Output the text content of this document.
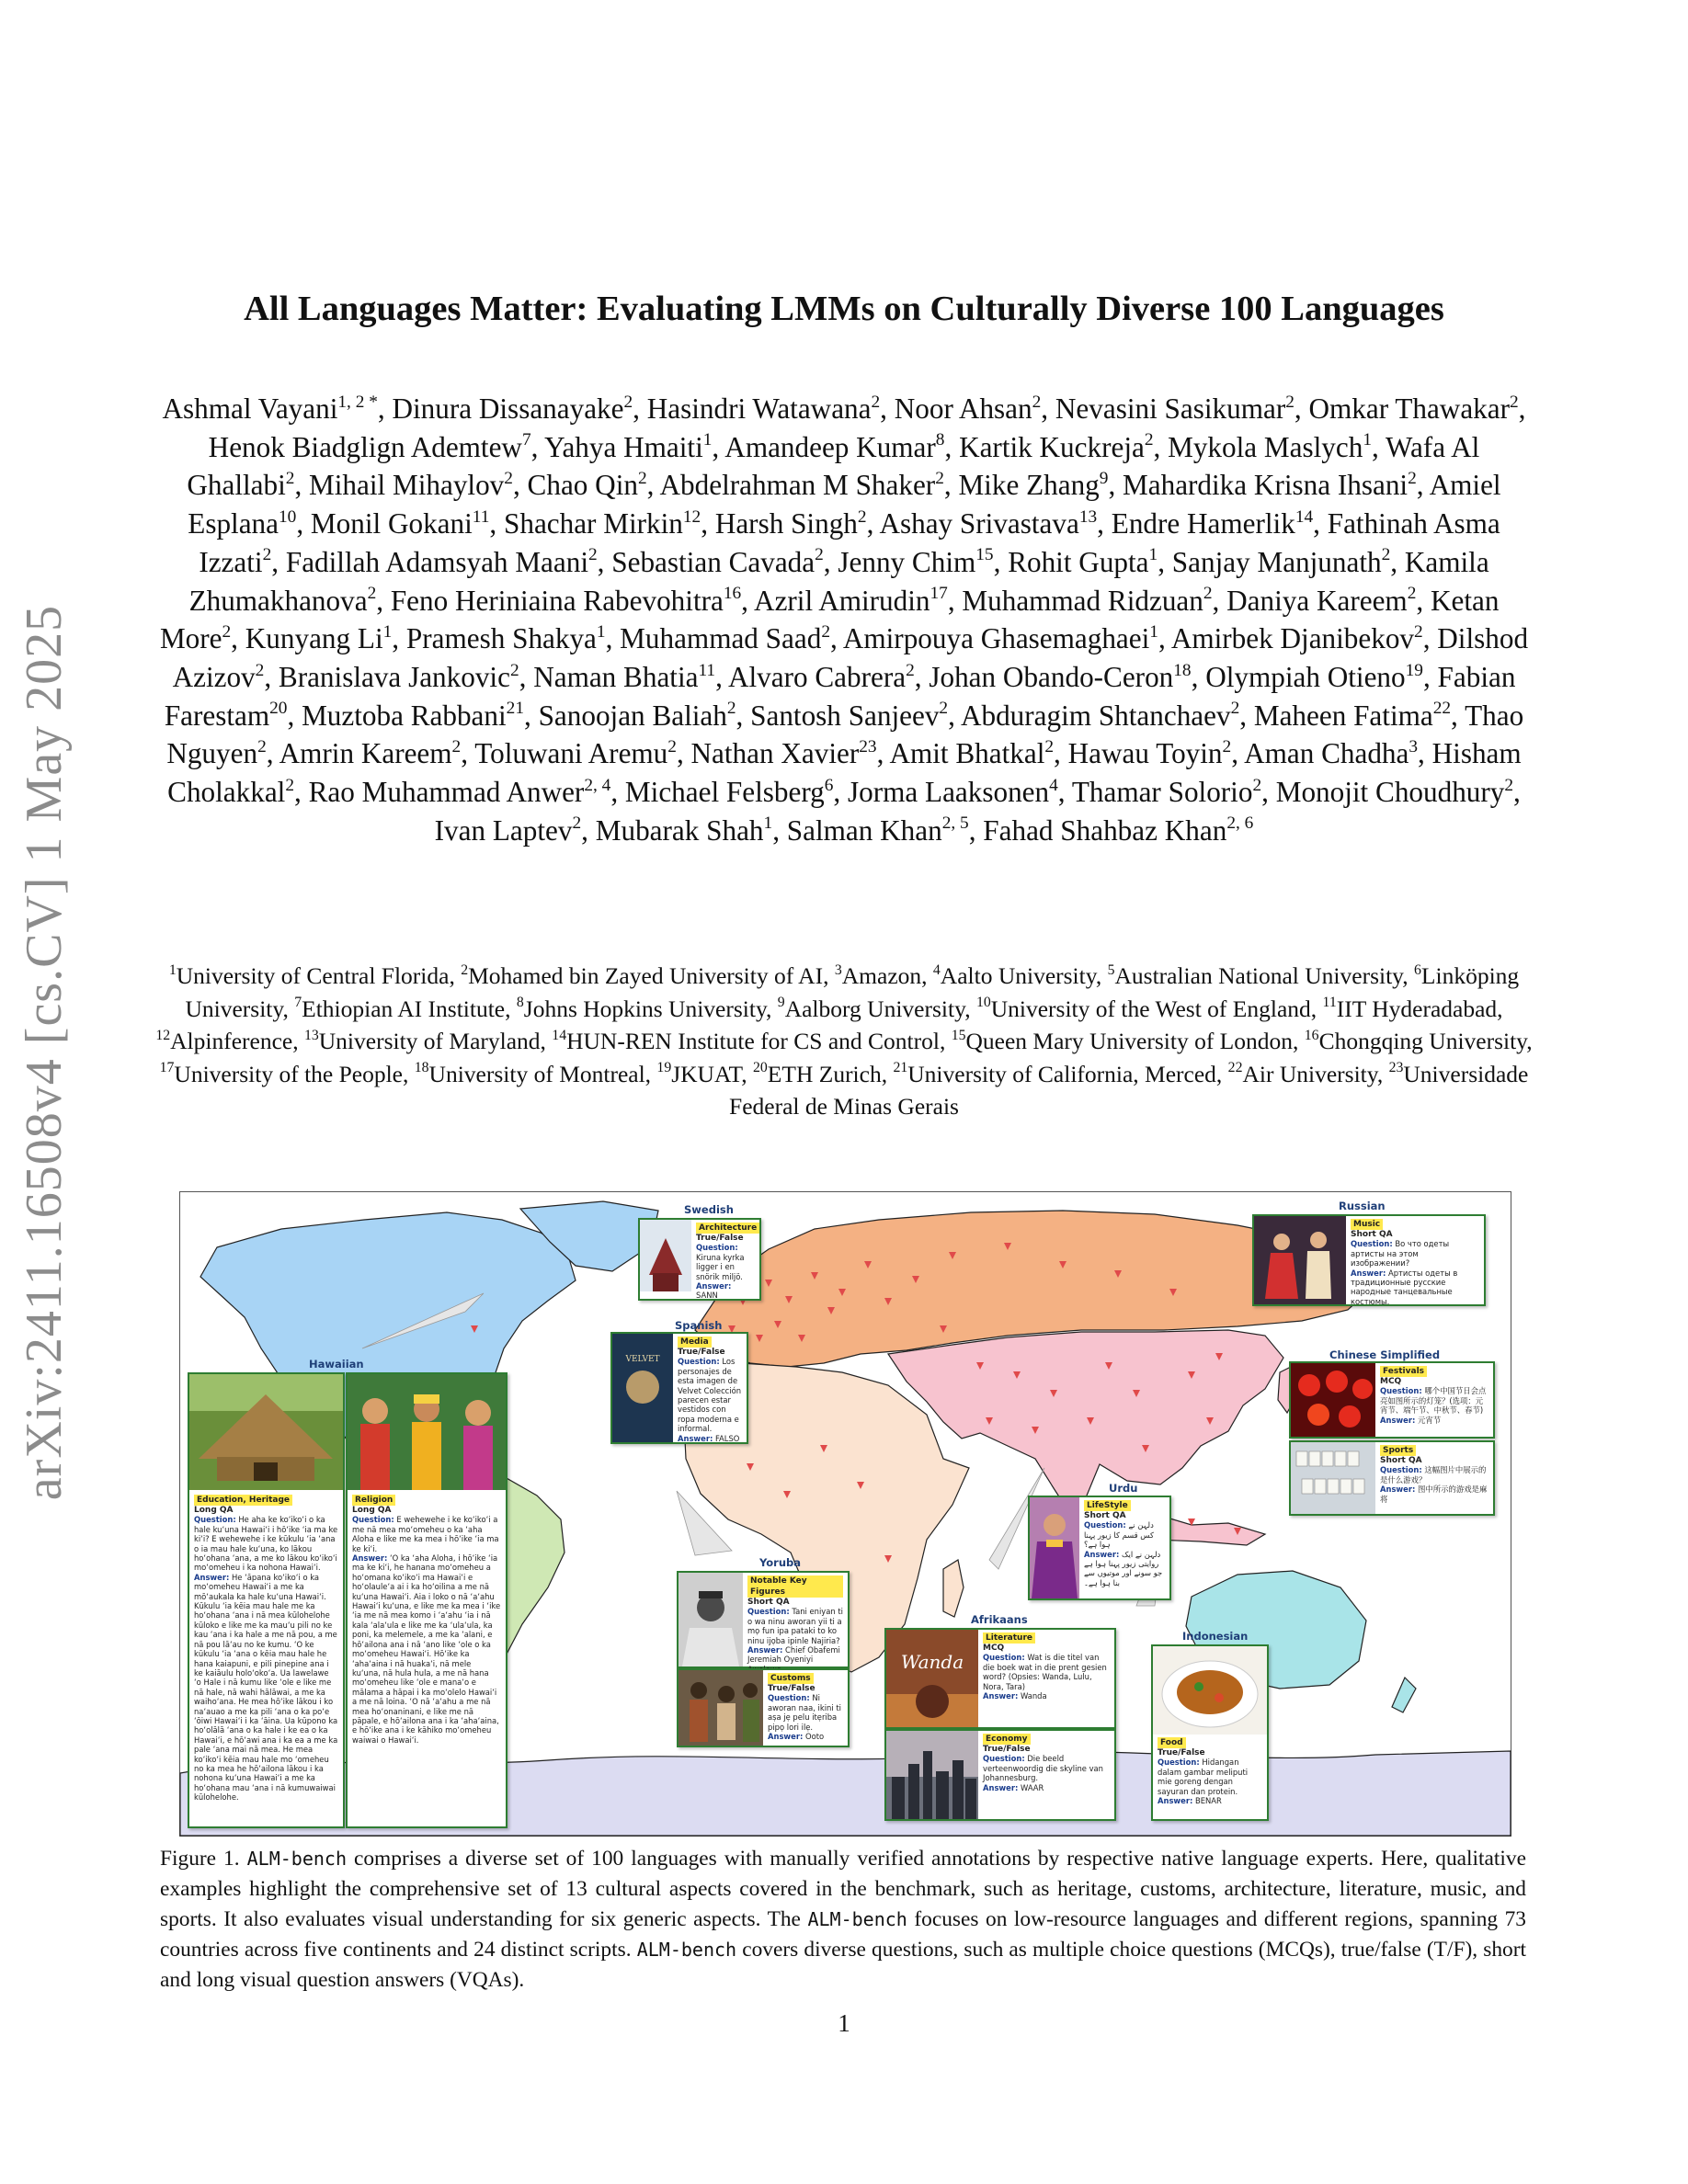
arXiv:2411.16508v4 [cs.CV] 1 May 2025
All Languages Matter: Evaluating LMMs on Culturally Diverse 100 Languages
Ashmal Vayani$^{1, 2 *}$, Dinura Dissanayake$^2$, Hasindri Watawana$^2$, Noor Ahsan$^2$, Nevasini Sasikumar$^2$, Omkar Thawakar$^2$, Henok Biadglign Ademtew$^7$, Yahya Hmaiti$^1$, Amandeep Kumar$^8$, Kartik Kuckreja$^2$, Mykola Maslych$^1$, Wafa Al Ghallabi$^2$, Mihail Mihaylov$^2$, Chao Qin$^2$, Abdelrahman M Shaker$^2$, Mike Zhang$^9$, Mahardika Krisna Ihsani$^2$, Amiel Esplana$^{10}$, Monil Gokani$^{11}$, Shachar Mirkin$^{12}$, Harsh Singh$^2$, Ashay Srivastava$^{13}$, Endre Hamerlik$^{14}$, Fathinah Asma Izzati$^2$, Fadillah Adamsyah Maani$^2$, Sebastian Cavada$^2$, Jenny Chim$^{15}$, Rohit Gupta$^1$, Sanjay Manjunath$^2$, Kamila Zhumakhanova$^2$, Feno Heriniaina Rabevohitra$^{16}$, Azril Amirudin$^{17}$, Muhammad Ridzuan$^2$, Daniya Kareem$^2$, Ketan More$^2$, Kunyang Li$^1$, Pramesh Shakya$^1$, Muhammad Saad$^2$, Amirpouya Ghasemaghaei$^1$, Amirbek Djanibekov$^2$, Dilshod Azizov$^2$, Branislava Jankovic$^2$, Naman Bhatia$^{11}$, Alvaro Cabrera$^2$, Johan Obando-Ceron$^{18}$, Olympiah Otieno$^{19}$, Fabian Farestam$^{20}$, Muztoba Rabbani$^{21}$, Sanoojan Baliah$^2$, Santosh Sanjeev$^2$, Abduragim Shtanchaev$^2$, Maheen Fatima$^{22}$, Thao Nguyen$^2$, Amrin Kareem$^2$, Toluwani Aremu$^2$, Nathan Xavier$^{23}$, Amit Bhatkal$^2$, Hawau Toyin$^2$, Aman Chadha$^3$, Hisham Cholakkal$^2$, Rao Muhammad Anwer$^{2, 4}$, Michael Felsberg$^6$, Jorma Laaksonen$^4$, Thamar Solorio$^2$, Monojit Choudhury$^2$, Ivan Laptev$^2$, Mubarak Shah$^1$, Salman Khan$^{2, 5}$, Fahad Shahbaz Khan$^{2, 6}$
$^1$University of Central Florida, $^2$Mohamed bin Zayed University of AI, $^3$Amazon, $^4$Aalto University, $^5$Australian National University, $^6$Linköping University, $^7$Ethiopian AI Institute, $^8$Johns Hopkins University, $^9$Aalborg University, $^{10}$University of the West of England, $^{11}$IIT Hyderadabad, $^{12}$Alpinference, $^{13}$University of Maryland, $^{14}$HUN-REN Institute for CS and Control, $^{15}$Queen Mary University of London, $^{16}$Chongqing University, $^{17}$University of the People, $^{18}$University of Montreal, $^{19}$JKUAT, $^{20}$ETH Zurich, $^{21}$University of California, Merced, $^{22}$Air University, $^{23}$Universidade Federal de Minas Gerais
Hawaiian
Swedish
Spanish
Russian
Chinese Simplified
Urdu
Yoruba
Afrikaans
Indonesian
Education, Heritage
Long QA
Question: He aha ke koʻikoʻi o ka hale kuʻuna Hawaiʻi i hōʻike ʻia ma ke kiʻi? E wehewehe i ke kūkulu ʻia ʻana o ia mau hale kuʻuna, ko lākou hoʻohana ʻana, a me ko lākou koʻikoʻi moʻomeheu i ka nohona Hawaiʻi.
Answer: He ʻāpana koʻikoʻi o ka moʻomeheu Hawaiʻi a me ka mōʻaukala ka hale kuʻuna Hawaiʻi. Kūkulu ʻia kēia mau hale me ka hoʻohana ʻana i nā mea kūlohelohe kūloko e like me ka mauʻu pili no ke kau ʻana i ka hale a me nā pou, a me nā pou lāʻau no ke kumu. ʻO ke kūkulu ʻia ʻana o kēia mau hale he hana kaiapuni, e pili pinepine ana i ke kaiāulu holoʻokoʻa. Ua lawelawe ʻo Hale i nā kumu like ʻole e like me nā hale, nā wahi hālāwai, a me ka waihoʻana. He mea hōʻike lākou i ko naʻauao a me ka pili ʻana o ka poʻe ʻōiwi Hawaiʻi i ka ʻāina. Ua kūpono ka hoʻolālā ʻana o ka hale i ke ea o ka Hawaiʻi, e hōʻawi ana i ka ea a me ka pale ʻana mai nā mea. He mea koʻikoʻi kēia mau hale mo ʻomeheu no ka mea he hōʻailona lākou i ka nohona kuʻuna Hawaiʻi a me ka hoʻohana mau ʻana i nā kumuwaiwai kūlohelohe.
Religion
Long QA
Question: E wehewehe i ke koʻikoʻi a me nā mea moʻomeheu o ka ʻaha Aloha e like me ka mea i hōʻike ʻia ma ke kiʻi.
Answer: ʻO ka ʻaha Aloha, i hōʻike ʻia ma ke kiʻi, he hanana moʻomeheu a hoʻomana koʻikoʻi ma Hawaiʻi e hoʻolauleʻa ai i ka hoʻoilina a me nā kuʻuna Hawaiʻi. Aia i loko o nā ʻaʻahu Hawaiʻi kuʻuna, e like me ka mea i ʻike ʻia me nā mea komo i ʻaʻahu ʻia i nā kala ʻalaʻula e like me ka ʻulaʻula, ka poni, ka melemele, a me ka ʻalani, e hōʻailona ana i nā ʻano like ʻole o ka moʻomeheu Hawaiʻi. Hōʻike ka ʻahaʻaina i nā huakaʻi, nā mele kuʻuna, nā hula hula, a me nā hana moʻomeheu like ʻole e manaʻo e mālama a hāpai i ka moʻolelo Hawaiʻi a me nā loina. ʻO nā ʻaʻahu a me nā mea hoʻonaninani, e like me nā pāpale, e hōʻailona ana i ka ʻahaʻaina, e hōʻike ana i ke kāhiko moʻomeheu waiwai o Hawaiʻi.
Architecture
True/False
Question: Kiruna kyrka ligger i en snörik miljö.
Answer: SANN
VELVET
Media
True/False
Question: Los personajes de esta imagen de Velvet Colección parecen estar vestidos con ropa moderna e informal.
Answer: FALSO
Music
Short QA
Question: Во что одеты артисты на этом изображении?
Answer: Артисты одеты в традиционные русские народные танцевальные костюмы.
Festivals
MCQ
Question: 哪个中国节日会点亮如图所示的灯笼？(选项：元宵节、端午节、中秋节、春节)
Answer: 元宵节
Sports
Short QA
Question: 这幅图片中展示的是什么游戏？
Answer: 图中所示的游戏是麻将
LifeStyle
Short QA
Question: دلہن نے کس قسم کا زیور پہنا ہوا ہے؟
Answer: دلہن نے ایک روایتی زیور پہنا ہوا ہے جو سونے اور موتیوں سے بنا ہوا ہے۔
Notable Key Figures
Short QA
Question: Tani eniyan ti o wa ninu aworan yii ti a mọ fun ipa pataki to ko ninu ijọba ipinle Najiria?
Answer: Chief Obafemi Jeremiah Oyeniyi
Customs
True/False
Question: Ni aworan naa, ikini ti aṣa jẹ pelu itẹriba pipọ lori ilẹ.
Answer: Ooto
Wanda
Literature
MCQ
Question: Wat is die titel van die boek wat in die prent gesien word? (Opsies: Wanda, Lulu, Nora, Tara)
Answer: Wanda
Economy
True/False
Question: Die beeld verteenwoordig die skyline van Johannesburg.
Answer: WAAR
Food
True/False
Question: Hidangan dalam gambar meliputi mie goreng dengan sayuran dan protein.
Answer: BENAR
Figure 1. ALM-bench comprises a diverse set of 100 languages with manually verified annotations by respective native language experts. Here, qualitative examples highlight the comprehensive set of 13 cultural aspects covered in the benchmark, such as heritage, customs, architecture, literature, music, and sports. It also evaluates visual understanding for six generic aspects. The ALM-bench focuses on low-resource languages and different regions, spanning 73 countries across five continents and 24 distinct scripts. ALM-bench covers diverse questions, such as multiple choice questions (MCQs), true/false (T/F), short and long visual question answers (VQAs).
1
